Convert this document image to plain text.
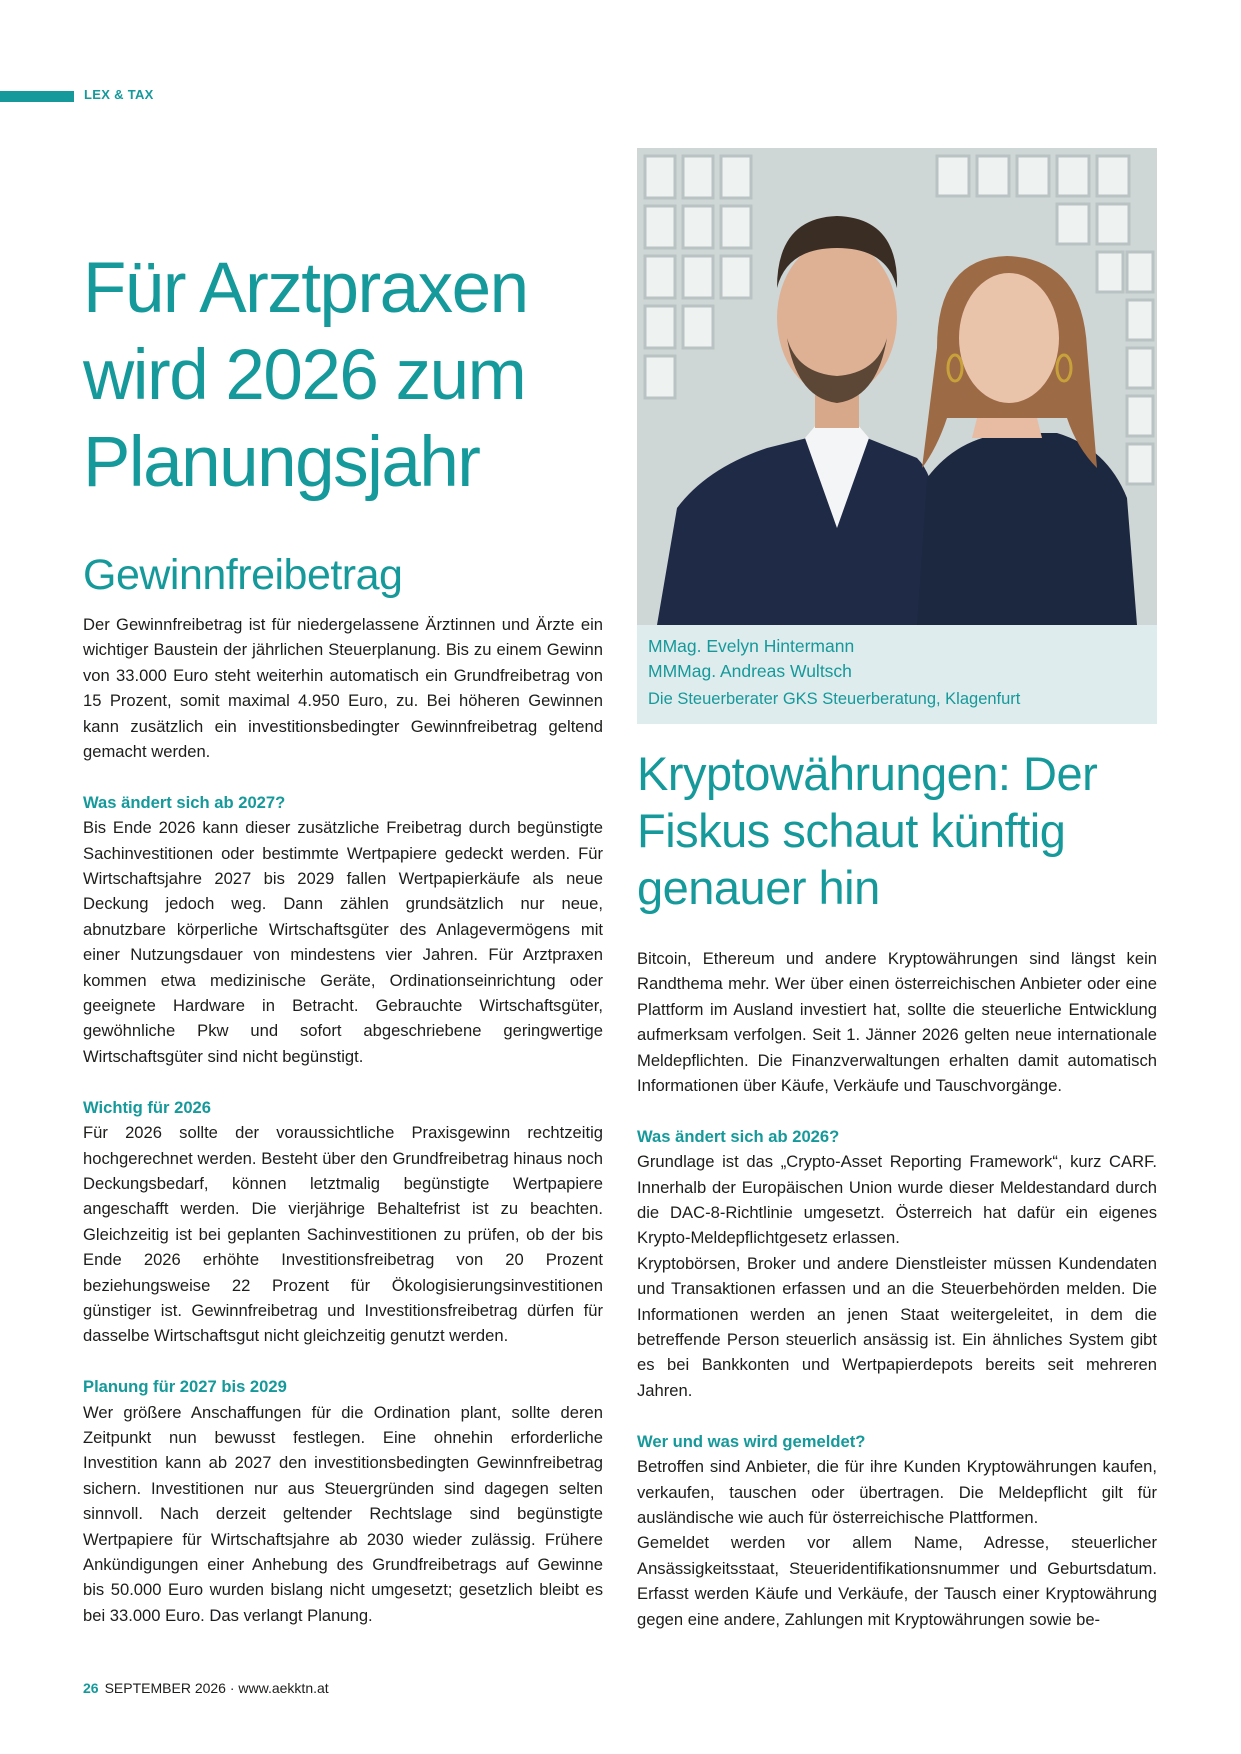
LEX & TAX
Für Arztpraxen wird 2026 zum Planungsjahr
Gewinnfreibetrag

Der Gewinnfreibetrag ist für niedergelassene Ärztinnen und Ärzte ein wichtiger Baustein der jährlichen Steuerplanung. Bis zu einem Gewinn von 33.000 Euro steht weiterhin automatisch ein Grundfreibetrag von 15 Prozent, somit maximal 4.950 Euro, zu. Bei höheren Gewinnen kann zusätzlich ein investitionsbedingter Gewinnfreibetrag geltend gemacht werden.

Was ändert sich ab 2027?

Bis Ende 2026 kann dieser zusätzliche Freibetrag durch begünstigte Sachinvestitionen oder bestimmte Wertpapiere gedeckt werden. Für Wirtschaftsjahre 2027 bis 2029 fallen Wertpapierkäufe als neue Deckung jedoch weg. Dann zählen grundsätzlich nur neue, abnutzbare körperliche Wirtschaftsgüter des Anlagevermögens mit einer Nutzungsdauer von mindestens vier Jahren. Für Arztpraxen kommen etwa medizinische Geräte, Ordinationseinrichtung oder geeignete Hardware in Betracht. Gebrauchte Wirtschaftsgüter, gewöhnliche Pkw und sofort abgeschriebene geringwertige Wirtschaftsgüter sind nicht begünstigt.

Wichtig für 2026

Für 2026 sollte der voraussichtliche Praxisgewinn rechtzeitig hochgerechnet werden. Besteht über den Grundfreibetrag hinaus noch Deckungsbedarf, können letztmalig begünstigte Wertpapiere angeschafft werden. Die vierjährige Behaltefrist ist zu beachten. Gleichzeitig ist bei geplanten Sachinvestitionen zu prüfen, ob der bis Ende 2026 erhöhte Investitionsfreibetrag von 20 Prozent beziehungsweise 22 Prozent für Ökologisierungsinvestitionen günstiger ist. Gewinnfreibetrag und Investitionsfreibetrag dürfen für dasselbe Wirtschaftsgut nicht gleichzeitig genutzt werden.

Planung für 2027 bis 2029

Wer größere Anschaffungen für die Ordination plant, sollte deren Zeitpunkt nun bewusst festlegen. Eine ohnehin erforderliche Investition kann ab 2027 den investitionsbedingten Gewinnfreibetrag sichern. Investitionen nur aus Steuergründen sind dagegen selten sinnvoll. Nach derzeit geltender Rechtslage sind begünstigte Wertpapiere für Wirtschaftsjahre ab 2030 wieder zulässig. Frühere Ankündigungen einer Anhebung des Grundfreibetrags auf Gewinne bis 50.000 Euro wurden bislang nicht umgesetzt; gesetzlich bleibt es bei 33.000 Euro. Das verlangt Planung.

MMag. Evelyn Hintermann
MMMag. Andreas Wultsch
Die Steuerberater GKS Steuerberatung, Klagenfurt
Kryptowährungen: Der Fiskus schaut künftig genauer hin

Bitcoin, Ethereum und andere Kryptowährungen sind längst kein Randthema mehr. Wer über einen österreichischen Anbieter oder eine Plattform im Ausland investiert hat, sollte die steuerliche Entwicklung aufmerksam verfolgen. Seit 1. Jänner 2026 gelten neue internationale Meldepflichten. Die Finanzverwaltungen erhalten damit automatisch Informationen über Käufe, Verkäufe und Tauschvorgänge.

Was ändert sich ab 2026?

Grundlage ist das „Crypto-Asset Reporting Framework“, kurz CARF. Innerhalb der Europäischen Union wurde dieser Meldestandard durch die DAC-8-Richtlinie umgesetzt. Österreich hat dafür ein eigenes Krypto-Meldepflichtgesetz erlassen.

Kryptobörsen, Broker und andere Dienstleister müssen Kundendaten und Transaktionen erfassen und an die Steuerbehörden melden. Die Informationen werden an jenen Staat weitergeleitet, in dem die betreffende Person steuerlich ansässig ist. Ein ähnliches System gibt es bei Bankkonten und Wertpapierdepots bereits seit mehreren Jahren.

Wer und was wird gemeldet?

Betroffen sind Anbieter, die für ihre Kunden Kryptowährungen kaufen, verkaufen, tauschen oder übertragen. Die Meldepflicht gilt für ausländische wie auch für österreichische Plattformen.

Gemeldet werden vor allem Name, Adresse, steuerlicher Ansässigkeitsstaat, Steueridentifikationsnummer und Geburtsdatum. Erfasst werden Käufe und Verkäufe, der Tausch einer Kryptowährung gegen eine andere, Zahlungen mit Kryptowährungen sowie be-

26 SEPTEMBER 2026 · www.aekktn.at
